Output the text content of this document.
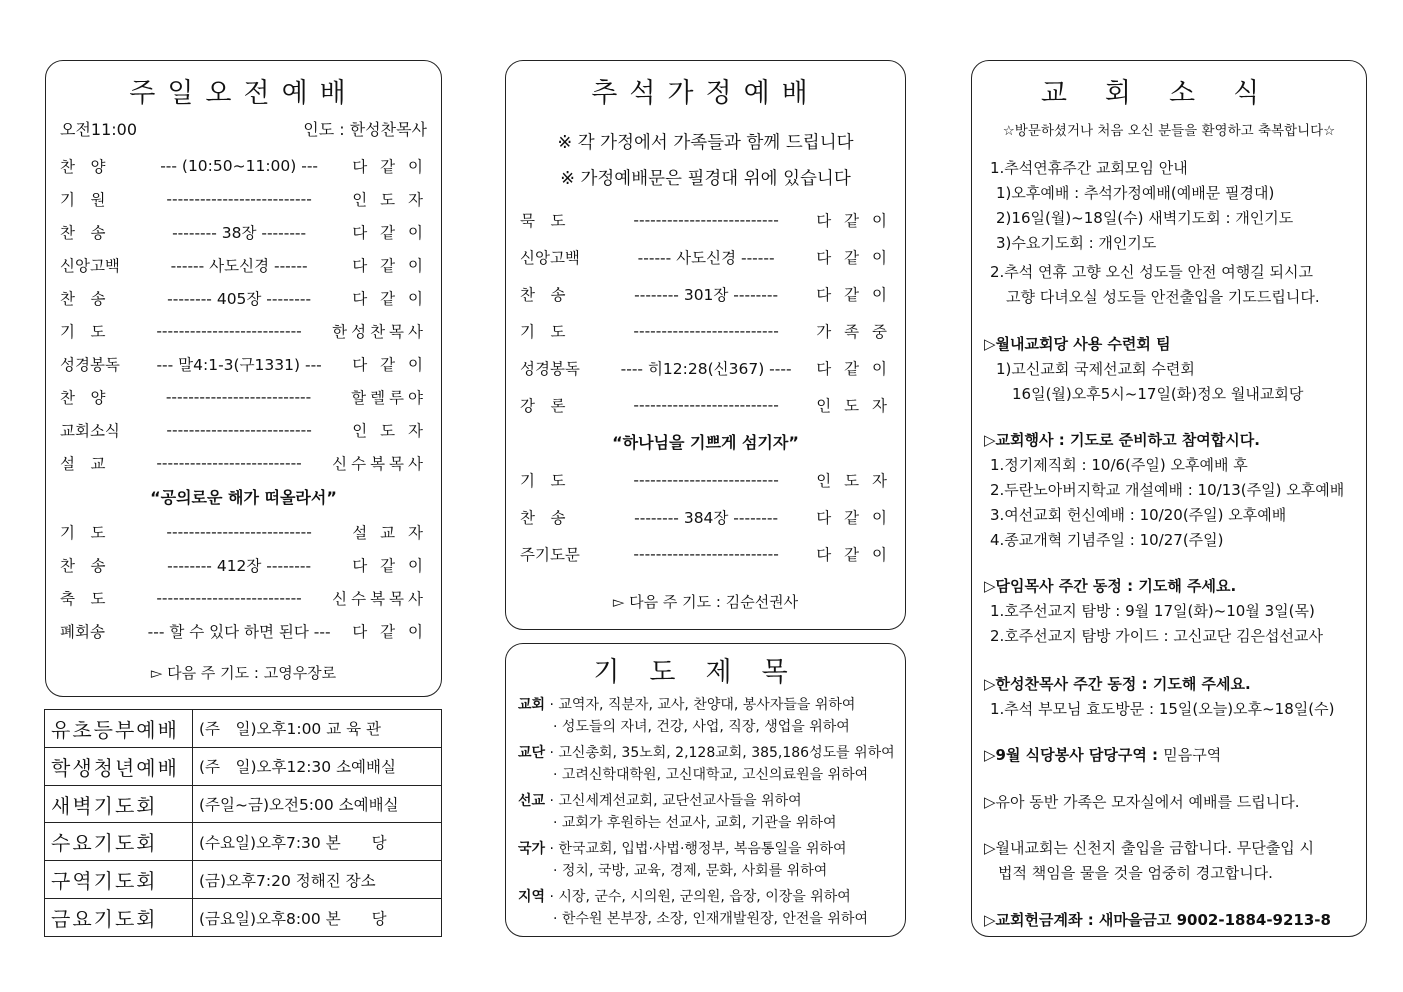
주일오전예배
오전11:00	인도 : 한성찬목사
찬　양	--- (10:50~11:00) ---	다 같 이
기　원	--------------------------	인 도 자
찬　송	-------- 38장 --------	다 같 이
신앙고백	------ 사도신경 ------	다 같 이
찬　송	-------- 405장 --------	다 같 이
기　도	--------------------------	한성찬목사
성경봉독	--- 말4:1-3(구1331) ---	다 같 이
찬　양	--------------------------	할렐루야
교회소식	--------------------------	인 도 자
설　교	--------------------------	신수복목사
“공의로운 해가 떠올라서”
기　도	--------------------------	설 교 자
찬　송	-------- 412장 --------	다 같 이
축　도	--------------------------	신수복목사
폐회송	--- 할 수 있다 하면 된다 ---	다 같 이
▻ 다음 주 기도 : 고영우장로
유초등부예배	(주　일)오후1:00 교 육 관
학생청년예배	(주　일)오후12:30 소예배실
새벽기도회	(주일~금)오전5:00 소예배실
수요기도회	(수요일)오후7:30 본　　당
구역기도회	(금)오후7:20 정해진 장소
금요기도회	(금요일)오후8:00 본　　당
추석가정예배
※ 각 가정에서 가족들과 함께 드립니다
※ 가정예배문은 필경대 위에 있습니다
묵　도	--------------------------	다 같 이
신앙고백	------ 사도신경 ------	다 같 이
찬　송	-------- 301장 --------	다 같 이
기　도	--------------------------	가 족 중
성경봉독	---- 히12:28(신367) ----	다 같 이
강　론	--------------------------	인 도 자
“하나님을 기쁘게 섬기자”
기　도	--------------------------	인 도 자
찬　송	-------- 384장 --------	다 같 이
주기도문	--------------------------	다 같 이
▻ 다음 주 기도 : 김순선권사
기도제목
교회 · 교역자, 직분자, 교사, 찬양대, 봉사자들을 위하여
· 성도들의 자녀, 건강, 사업, 직장, 생업을 위하여
교단 · 고신총회, 35노회, 2,128교회, 385,186성도를 위하여
· 고려신학대학원, 고신대학교, 고신의료원을 위하여
선교 · 고신세계선교회, 교단선교사들을 위하여
· 교회가 후원하는 선교사, 교회, 기관을 위하여
국가 · 한국교회, 입법·사법·행정부, 복음통일을 위하여
· 정치, 국방, 교육, 경제, 문화, 사회를 위하여
지역 · 시장, 군수, 시의원, 군의원, 읍장, 이장을 위하여
· 한수원 본부장, 소장, 인재개발원장, 안전을 위하여
교회소식
☆방문하셨거나 처음 오신 분들을 환영하고 축복합니다☆
1.추석연휴주간 교회모임 안내
1)오후예배 : 추석가정예배(예배문 필경대)
2)16일(월)~18일(수) 새벽기도회 : 개인기도
3)수요기도회 : 개인기도
2.추석 연휴 고향 오신 성도들 안전 여행길 되시고
고향 다녀오실 성도들 안전출입을 기도드립니다.
▷월내교회당 사용 수련회 팀
1)고신교회 국제선교회 수련회
16일(월)오후5시~17일(화)정오 월내교회당
▷교회행사 : 기도로 준비하고 참여합시다.
1.정기제직회 : 10/6(주일) 오후예배 후
2.두란노아버지학교 개설예배 : 10/13(주일) 오후예배
3.여선교회 헌신예배 : 10/20(주일) 오후예배
4.종교개혁 기념주일 : 10/27(주일)
▷담임목사 주간 동정 : 기도해 주세요.
1.호주선교지 탐방 : 9월 17일(화)~10월 3일(목)
2.호주선교지 탐방 가이드 : 고신교단 김은섭선교사
▷한성찬목사 주간 동정 : 기도해 주세요.
1.추석 부모님 효도방문 : 15일(오늘)오후~18일(수)
▷9월 식당봉사 담당구역 : 믿음구역
▷유아 동반 가족은 모자실에서 예배를 드립니다.
▷월내교회는 신천지 출입을 금합니다. 무단출입 시
법적 책임을 물을 것을 엄중히 경고합니다.
▷교회헌금계좌 : 새마을금고 9002-1884-9213-8
